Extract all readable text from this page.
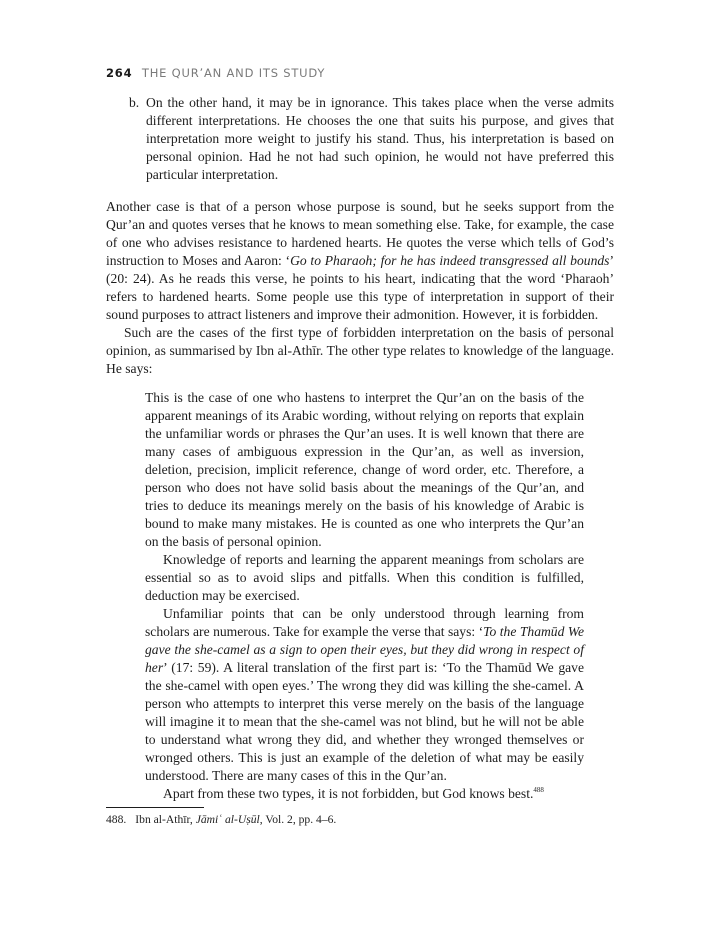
264 THE QURʼAN AND ITS STUDY
b. On the other hand, it may be in ignorance. This takes place when the verse admits different interpretations. He chooses the one that suits his purpose, and gives that interpretation more weight to justify his stand. Thus, his interpretation is based on personal opinion. Had he not had such opinion, he would not have preferred this particular interpretation.

Another case is that of a person whose purpose is sound, but he seeks support from the Qur’an and quotes verses that he knows to mean something else. Take, for example, the case of one who advises resistance to hardened hearts. He quotes the verse which tells of God’s instruction to Moses and Aaron: ‘Go to Pharaoh; for he has indeed transgressed all bounds’ (20: 24). As he reads this verse, he points to his heart, indicating that the word ‘Pharaoh’ refers to hardened hearts. Some people use this type of interpretation in support of their sound purposes to attract listeners and improve their admonition. However, it is forbidden.

Such are the cases of the first type of forbidden interpretation on the basis of personal opinion, as summarised by Ibn al-Athīr. The other type relates to knowledge of the language. He says:

This is the case of one who hastens to interpret the Qur’an on the basis of the apparent meanings of its Arabic wording, without relying on reports that explain the unfamiliar words or phrases the Qur’an uses. It is well known that there are many cases of ambiguous expression in the Qur’an, as well as inversion, deletion, precision, implicit reference, change of word order, etc. Therefore, a person who does not have solid basis about the meanings of the Qur’an, and tries to deduce its meanings merely on the basis of his knowledge of Arabic is bound to make many mistakes. He is counted as one who interprets the Qur’an on the basis of personal opinion.

Knowledge of reports and learning the apparent meanings from scholars are essential so as to avoid slips and pitfalls. When this condition is fulfilled, deduction may be exercised.

Unfamiliar points that can be only understood through learning from scholars are numerous. Take for example the verse that says: ‘To the Thamūd We gave the she-camel as a sign to open their eyes, but they did wrong in respect of her’ (17: 59). A literal translation of the first part is: ‘To the Thamūd We gave the she-camel with open eyes.’ The wrong they did was killing the she-camel. A person who attempts to interpret this verse merely on the basis of the language will imagine it to mean that the she-camel was not blind, but he will not be able to understand what wrong they did, and whether they wronged themselves or wronged others. This is just an example of the deletion of what may be easily understood. There are many cases of this in the Qur’an.

Apart from these two types, it is not forbidden, but God knows best.$^{488}$

488. Ibn al-Athīr, Jāmiʿ al-Uṣūl, Vol. 2, pp. 4–6.
